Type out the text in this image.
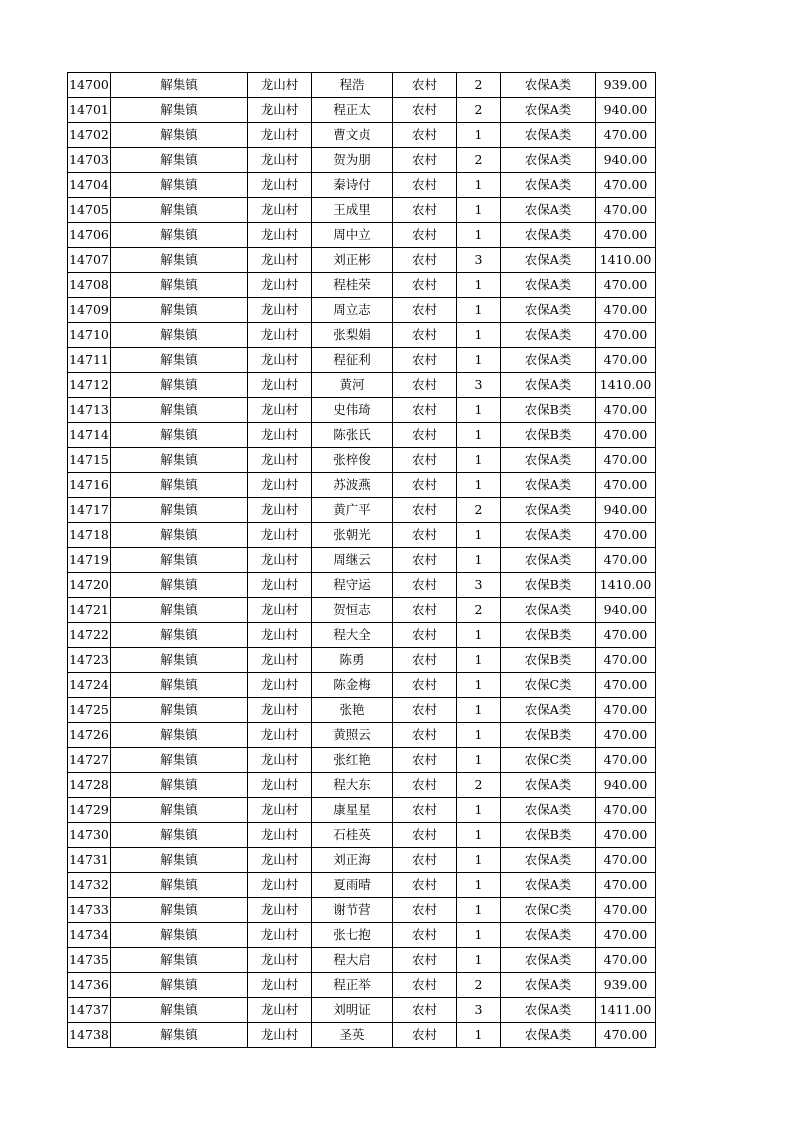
14700	解集镇	龙山村	程浩	农村	2	农保A类	939.00
14701	解集镇	龙山村	程正太	农村	2	农保A类	940.00
14702	解集镇	龙山村	曹文贞	农村	1	农保A类	470.00
14703	解集镇	龙山村	贺为朋	农村	2	农保A类	940.00
14704	解集镇	龙山村	秦诗付	农村	1	农保A类	470.00
14705	解集镇	龙山村	王成里	农村	1	农保A类	470.00
14706	解集镇	龙山村	周中立	农村	1	农保A类	470.00
14707	解集镇	龙山村	刘正彬	农村	3	农保A类	1410.00
14708	解集镇	龙山村	程桂荣	农村	1	农保A类	470.00
14709	解集镇	龙山村	周立志	农村	1	农保A类	470.00
14710	解集镇	龙山村	张梨娟	农村	1	农保A类	470.00
14711	解集镇	龙山村	程征利	农村	1	农保A类	470.00
14712	解集镇	龙山村	黄河	农村	3	农保A类	1410.00
14713	解集镇	龙山村	史伟琦	农村	1	农保B类	470.00
14714	解集镇	龙山村	陈张氏	农村	1	农保B类	470.00
14715	解集镇	龙山村	张梓俊	农村	1	农保A类	470.00
14716	解集镇	龙山村	苏波燕	农村	1	农保A类	470.00
14717	解集镇	龙山村	黄广平	农村	2	农保A类	940.00
14718	解集镇	龙山村	张朝光	农村	1	农保A类	470.00
14719	解集镇	龙山村	周继云	农村	1	农保A类	470.00
14720	解集镇	龙山村	程守运	农村	3	农保B类	1410.00
14721	解集镇	龙山村	贺恒志	农村	2	农保A类	940.00
14722	解集镇	龙山村	程大全	农村	1	农保B类	470.00
14723	解集镇	龙山村	陈勇	农村	1	农保B类	470.00
14724	解集镇	龙山村	陈金梅	农村	1	农保C类	470.00
14725	解集镇	龙山村	张艳	农村	1	农保A类	470.00
14726	解集镇	龙山村	黄照云	农村	1	农保B类	470.00
14727	解集镇	龙山村	张红艳	农村	1	农保C类	470.00
14728	解集镇	龙山村	程大东	农村	2	农保A类	940.00
14729	解集镇	龙山村	康星星	农村	1	农保A类	470.00
14730	解集镇	龙山村	石桂英	农村	1	农保B类	470.00
14731	解集镇	龙山村	刘正海	农村	1	农保A类	470.00
14732	解集镇	龙山村	夏雨晴	农村	1	农保A类	470.00
14733	解集镇	龙山村	谢节营	农村	1	农保C类	470.00
14734	解集镇	龙山村	张七抱	农村	1	农保A类	470.00
14735	解集镇	龙山村	程大启	农村	1	农保A类	470.00
14736	解集镇	龙山村	程正举	农村	2	农保A类	939.00
14737	解集镇	龙山村	刘明证	农村	3	农保A类	1411.00
14738	解集镇	龙山村	圣英	农村	1	农保A类	470.00
